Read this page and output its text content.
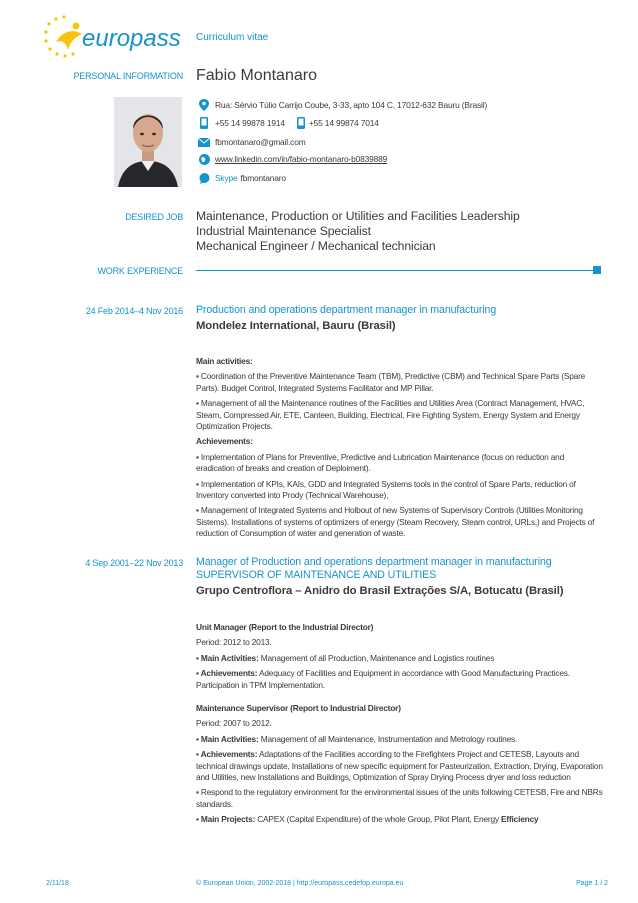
europass Curriculum vitae
PERSONAL INFORMATION Fabio Montanaro
Rua: Sérvio Túlio Carrijo Coube, 3-33, apto 104 C, 17012-632 Bauru (Brasil)
+55 14 99878 1914	+55 14 99874 7014
fbmontanaro@gmail.com
www.linkedin.com/in/fabio-montanaro-b0839889
Skype fbmontanaro
DESIRED JOB Maintenance, Production or Utilities and Facilities Leadership
Industrial Maintenance Specialist
Mechanical Engineer / Mechanical technician
WORK EXPERIENCE
24 Feb 2014–4 Nov 2016 Production and operations department manager in manufacturing
Mondelez International, Bauru (Brasil)

Main activities:

▪ Coordination of the Preventive Maintenance Team (TBM), Predictive (CBM) and Technical Spare Parts (Spare Parts). Budget Control, Integrated Systems Facilitator and MP Pillar.

▪ Management of all the Maintenance routines of the Facilities and Utilities Area (Contract Management, HVAC, Steam, Compressed Air, ETE, Canteen, Building, Electrical, Fire Fighting System, Energy System and Energy Optimization Projects.

Achievements:

▪ Implementation of Plans for Preventive, Predictive and Lubrication Maintenance (focus on reduction and eradication of breaks and creation of Deploiment).

▪ Implementation of KPIs, KAIs, GDD and Integrated Systems tools in the control of Spare Parts, reduction of Inventory converted into Prody (Technical Warehouse),

▪ Management of Integrated Systems and Holbout of new Systems of Supervisory Controls (Utilities Monitoring Sistems). Installations of systems of optimizers of energy (Steam Recovery, Steam control, URLs,) and Projects of reduction of Consumption of water and generation of waste.

4 Sep 2001–22 Nov 2013 Manager of Production and operations department manager in manufacturing
SUPERVISOR OF MAINTENANCE AND UTILITIES
Grupo Centroflora – Anidro do Brasil Extrações S/A, Botucatu (Brasil)

Unit Manager (Report to the Industrial Director)

Period: 2012 to 2013.

▪ Main Activities: Management of all Production, Maintenance and Logistics routines

▪ Achievements: Adequacy of Facilities and Equipment in accordance with Good Manufacturing Practices. Participation in TPM Implementation.

Maintenance Supervisor (Report to Industrial Director)

Period: 2007 to 2012.

▪ Main Activities: Management of all Maintenance, Instrumentation and Metrology routines.

▪ Achievements: Adaptations of the Facilities according to the Firefighters Project and CETESB, Layouts and technical drawings update, Installations of new specific equipment for Pasteurization, Extraction, Drying, Evaporation and Utilities, new Installations and Buildings, Optimization of Spray Drying Process dryer and loss reduction

▪ Respond to the regulatory environment for the environmental issues of the units following CETESB, Fire and NBRs standards.

▪ Main Projects: CAPEX (Capital Expenditure) of the whole Group, Pilot Plant, Energy Efficiency

2/11/18	© European Union, 2002-2018 | http://europass.cedefop.europa.eu	Page 1 / 2
